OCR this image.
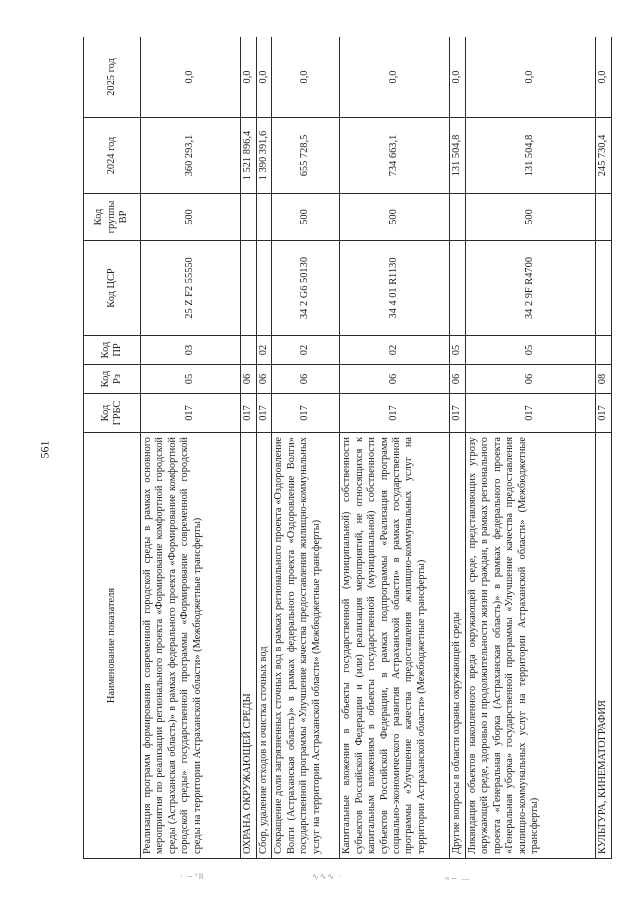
561
· ∼°R	∿∿∿ ·	≈∽ —
Наименование показателя	Код ГРБС	Код Рз	Код ПР	Код ЦСР	Код группы ВР	2024 год	2025 год
Реализация программ формирования современной городской среды в рамках основного мероприятия по реализации регионального проекта «Формирование комфортной городской среды (Астраханская область)» в рамках федерального проекта «Формирование комфортной городской среды» государственной программы «Формирование современной городской среды на территории Астраханской области» (Межбюджетные трансферты)	017	05	03	25 Z F2 55550	500	360 293,1	0,0
ОХРАНА ОКРУЖАЮЩЕЙ СРЕДЫ	017	06				1 521 896,4	0,0
Сбор, удаление отходов и очистка сточных вод	017	06	02			1 390 391,6	0,0
Сокращение доли загрязненных сточных вод в рамках регионального проекта «Оздоровление Волги (Астраханская область)» в рамках федерального проекта «Оздоровление Волги» государственной программы «Улучшение качества предоставления жилищно-коммунальных услуг на территории Астраханской области» (Межбюджетные трансферты)	017	06	02	34 2 G6 50130	500	655 728,5	0,0
Капитальные вложения в объекты государственной (муниципальной) собственности субъектов Российской Федерации и (или) реализация мероприятий, не относящихся к капитальным вложениям в объекты государственной (муниципальной) собственности субъектов Российской Федерации, в рамках подпрограммы «Реализация программ социально-экономического развития Астраханской области» в рамках государственной программы «Улучшение качества предоставления жилищно-коммунальных услуг на территории Астраханской области» (Межбюджетные трансферты)	017	06	02	34 4 01 R1130	500	734 663,1	0,0
Другие вопросы в области охраны окружающей среды	017	06	05			131 504,8	0,0
Ликвидация объектов накопленного вреда окружающей среде, представляющих угрозу окружающей среде, здоровью и продолжительности жизни граждан, в рамках регионального проекта «Генеральная уборка (Астраханская область)» в рамках федерального проекта «Генеральная уборка» государственной программы «Улучшение качества предоставления жилищно-коммунальных услуг на территории Астраханской области» (Межбюджетные трансферты)	017	06	05	34 2 9F R4700	500	131 504,8	0,0
КУЛЬТУРА, КИНЕМАТОГРАФИЯ	017	08				245 730,4	0,0
